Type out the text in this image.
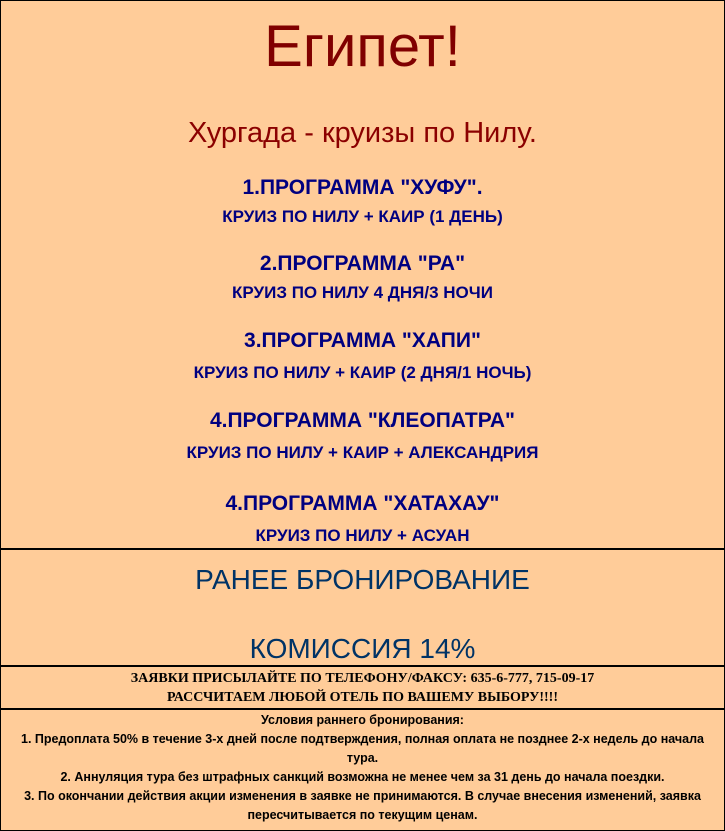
Египет!
Хургада - круизы по Нилу.
1.ПРОГРАММА "ХУФУ".
КРУИЗ ПО НИЛУ + КАИР (1 ДЕНЬ)
2.ПРОГРАММА "РА"
КРУИЗ ПО НИЛУ 4 ДНЯ/3 НОЧИ
3.ПРОГРАММА "ХАПИ"
КРУИЗ ПО НИЛУ + КАИР (2 ДНЯ/1 НОЧЬ)
4.ПРОГРАММА "КЛЕОПАТРА"
КРУИЗ ПО НИЛУ + КАИР + АЛЕКСАНДРИЯ
4.ПРОГРАММА "ХАТАХАУ"
КРУИЗ ПО НИЛУ + АСУАН
РАНЕЕ БРОНИРОВАНИЕ
КОМИССИЯ 14%
ЗАЯВКИ ПРИСЫЛАЙТЕ ПО ТЕЛЕФОНУ/ФАКСУ: 635-6-777, 715-09-17
РАССЧИТАЕМ ЛЮБОЙ ОТЕЛЬ ПО ВАШЕМУ ВЫБОРУ!!!!
Условия раннего бронирования:
1. Предоплата 50% в течение 3-х дней после подтверждения, полная оплата не позднее 2-х недель до начала тура.
2. Аннуляция тура без штрафных санкций возможна не менее чем за 31 день до начала поездки.
3. По окончании действия акции изменения в заявке не принимаются. В случае внесения изменений, заявка пересчитывается по текущим ценам.
